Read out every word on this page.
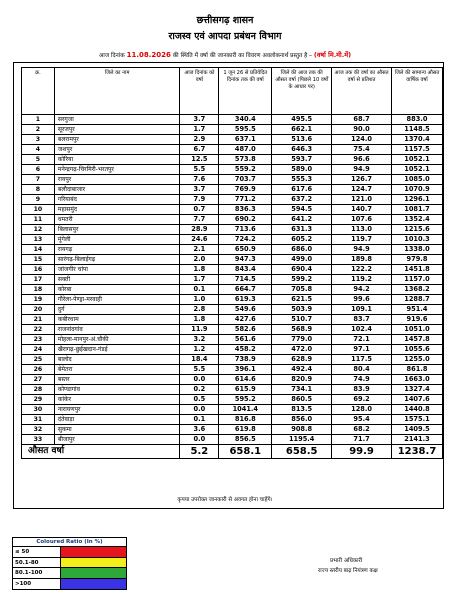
छत्तीसगढ़ शासन
राजस्व एवं आपदा प्रबंधन विभाग
आज दिनांक 11.08.2026 की स्थिति में वर्षा की जानकारी का विवरण अवलोकनार्थ प्रस्तुत है – (वर्षा मि.मी.में)
क्र.	जिले का नाम	आज दिनांक को वर्षा	1 जून 26 से प्रतिवेदित दिनांक तक की वर्षा	जिले की आज तक की औसत वर्षा (पिछले 10 वर्षों के आधार पर)	आज तक की वर्षा का औसत वर्षा से प्रतिशत	जिले की सामान्य औसत वार्षिक वर्षा
1	सरगुजा	3.7	340.4	495.5	68.7	883.0
2	सूरजपुर	1.7	595.5	662.1	90.0	1148.5
3	बलरामपुर	2.9	637.1	513.6	124.0	1370.4
4	जशपुर	6.7	487.0	646.3	75.4	1157.5
5	कोरिया	12.5	573.8	593.7	96.6	1052.1
6	मनेन्द्रगढ़-चिरमिरी-भरतपुर	5.5	559.2	589.0	94.9	1052.1
7	रायपुर	7.6	703.7	555.3	126.7	1085.0
8	बलौदाबाजार	3.7	769.9	617.6	124.7	1070.9
9	गरियाबंद	7.9	771.2	637.2	121.0	1296.1
10	महासमुंद	0.7	836.3	594.5	140.7	1081.7
11	धमतरी	7.7	690.2	641.2	107.6	1352.4
12	बिलासपुर	28.9	713.6	631.3	113.0	1215.6
13	मुंगेली	24.6	724.2	605.2	119.7	1010.3
14	रायगढ़	2.1	650.9	686.0	94.9	1338.0
15	सारंगढ़-बिलाईगढ़	2.0	947.3	499.0	189.8	979.8
16	जांजगीर चांपा	1.8	843.4	690.4	122.2	1451.8
17	सक्ती	1.7	714.5	599.2	119.2	1157.0
18	कोरबा	0.1	664.7	705.8	94.2	1368.2
19	गौरेला-पेण्ड्रा-मरवाही	1.0	619.3	621.5	99.6	1288.7
20	दुर्ग	2.8	549.6	503.9	109.1	951.4
21	कबीरधाम	1.8	427.6	510.7	83.7	919.6
22	राजनांदगांव	11.9	582.6	568.9	102.4	1051.0
23	मोहला-मानपुर-अं.चौकी	3.2	561.6	779.0	72.1	1457.8
24	खैरागढ़-छुईखदान-गंडई	1.2	458.2	472.0	97.1	1055.6
25	बालोद	18.4	738.9	628.9	117.5	1255.0
26	बेमेतरा	5.5	396.1	492.4	80.4	861.8
27	बस्तर	0.0	614.6	820.9	74.9	1663.0
28	कोण्डागांव	0.2	615.9	734.1	83.9	1327.4
29	कांकेर	0.5	595.2	860.5	69.2	1407.6
30	नारायणपुर	0.0	1041.4	813.5	128.0	1440.8
31	दंतेवाड़ा	0.1	816.8	856.0	95.4	1575.1
32	सुकमा	3.6	619.8	908.8	68.2	1409.5
33	बीजापुर	0.0	856.5	1195.4	71.7	2141.3
औसत वर्षा		5.2	658.1	658.5	99.9	1238.7
कृपया उपरोक्त जानकारी से अवगत होना चाहेंगे।
Coloured Ratio (In %)
≤ 50
50.1-80
80.1-100
>100
प्रभारी अधिकारी
राज्य स्तरीय बाढ़ नियंत्रण कक्ष
